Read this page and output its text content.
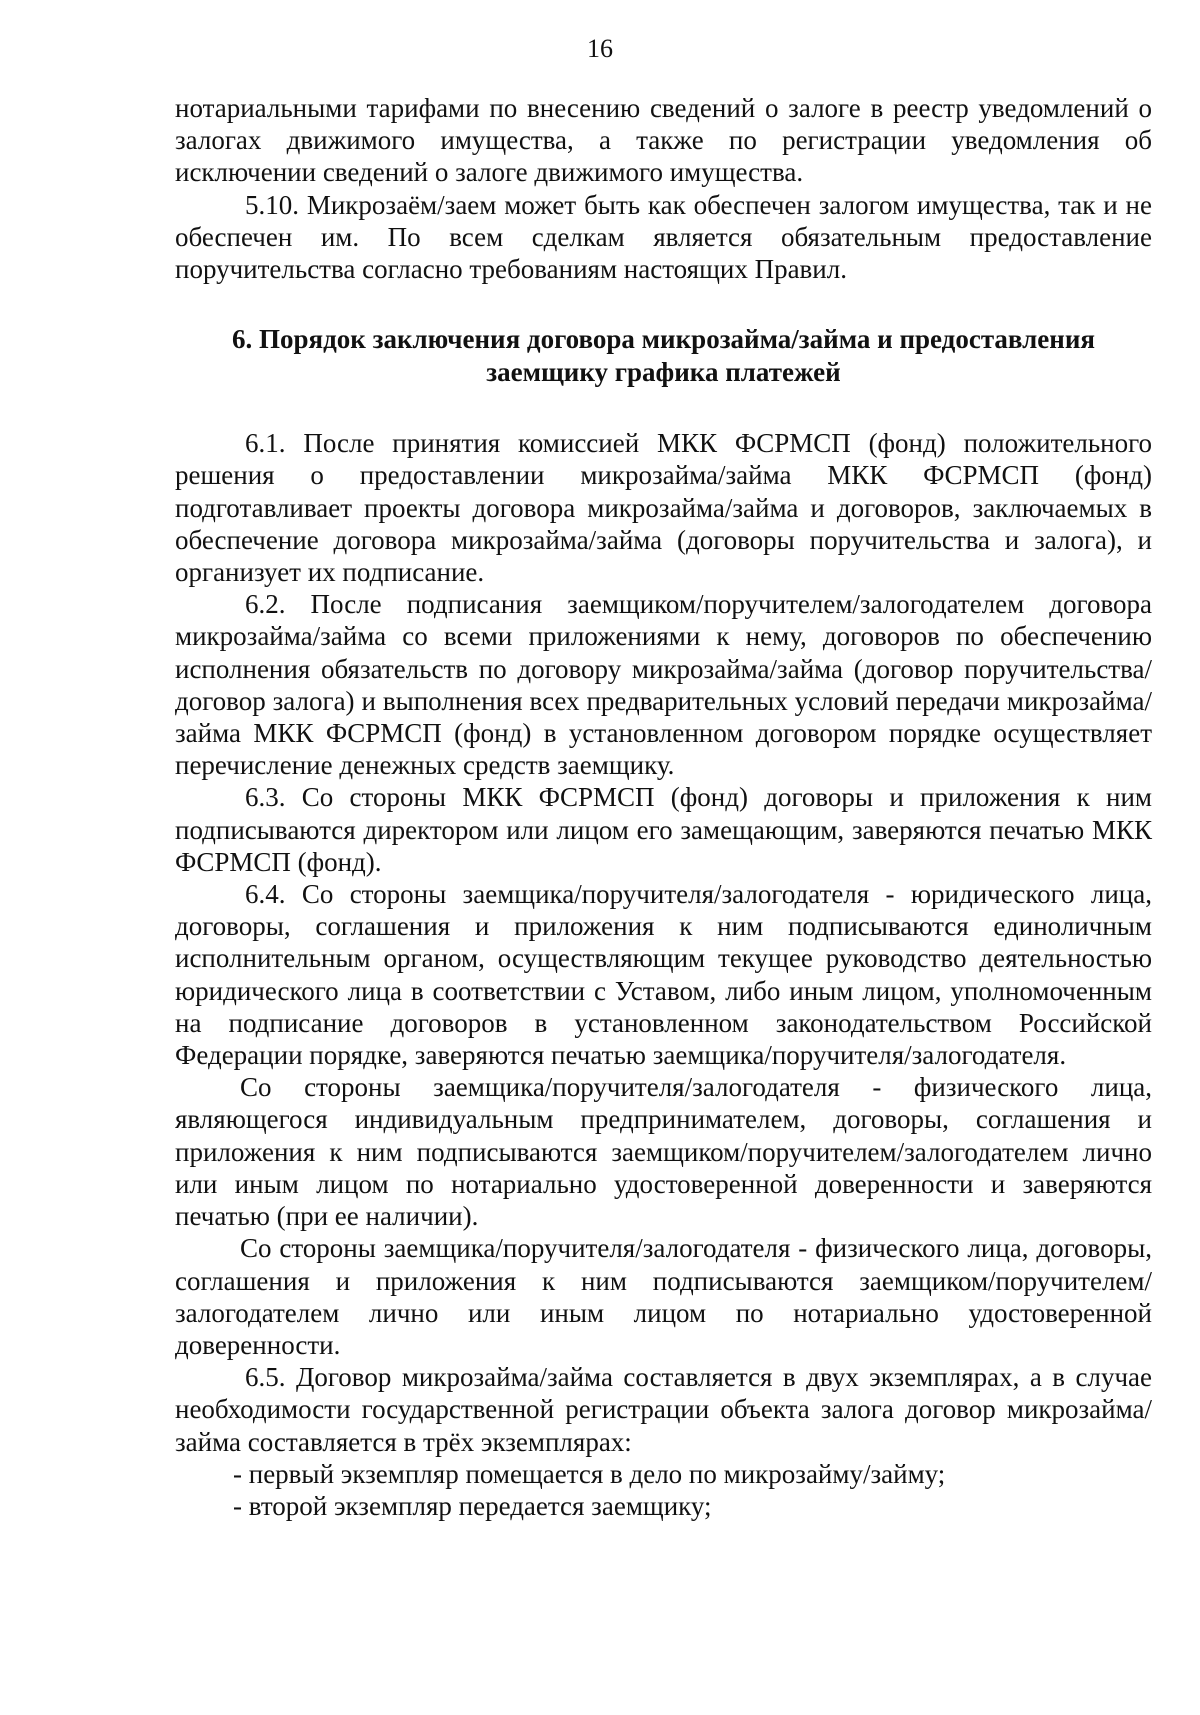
16

нотариальными тарифами по внесению сведений о залоге в реестр уведомлений о залогах движимого имущества, а также по регистрации уведомления об исключении сведений о залоге движимого имущества.

5.10. Микрозаём/заем может быть как обеспечен залогом имущества, так и не обеспечен им. По всем сделкам является обязательным предоставление поручительства согласно требованиям настоящих Правил.

6. Порядок заключения договора микрозайма/займа и предоставления заемщику графика платежей

6.1. После принятия комиссией МКК ФСРМСП (фонд) положительного решения о предоставлении микрозайма/займа МКК ФСРМСП (фонд) подготавливает проекты договора микрозайма/займа и договоров, заключаемых в обеспечение договора микрозайма/займа (договоры поручительства и залога), и организует их подписание.

6.2. После подписания заемщиком/поручителем/залогодателем договора микрозайма/займа со всеми приложениями к нему, договоров по обеспечению исполнения обязательств по договору микрозайма/займа (договор поручительства/договор залога) и выполнения всех предварительных условий передачи микрозайма/займа МКК ФСРМСП (фонд) в установленном договором порядке осуществляет перечисление денежных средств заемщику.

6.3. Со стороны МКК ФСРМСП (фонд) договоры и приложения к ним подписываются директором или лицом его замещающим, заверяются печатью МКК ФСРМСП (фонд).

6.4. Со стороны заемщика/поручителя/залогодателя - юридического лица, договоры, соглашения и приложения к ним подписываются единоличным исполнительным органом, осуществляющим текущее руководство деятельностью юридического лица в соответствии с Уставом, либо иным лицом, уполномоченным на подписание договоров в установленном законодательством Российской Федерации порядке, заверяются печатью заемщика/поручителя/залогодателя.

Со стороны заемщика/поручителя/залогодателя - физического лица, являющегося индивидуальным предпринимателем, договоры, соглашения и приложения к ним подписываются заемщиком/поручителем/залогодателем лично или иным лицом по нотариально удостоверенной доверенности и заверяются печатью (при ее наличии).

Со стороны заемщика/поручителя/залогодателя - физического лица, договоры, соглашения и приложения к ним подписываются заемщиком/поручителем/залогодателем лично или иным лицом по нотариально удостоверенной доверенности.

6.5. Договор микрозайма/займа составляется в двух экземплярах, а в случае необходимости государственной регистрации объекта залога договор микрозайма/займа составляется в трёх экземплярах:

- первый экземпляр помещается в дело по микрозайму/займу;

- второй экземпляр передается заемщику;
